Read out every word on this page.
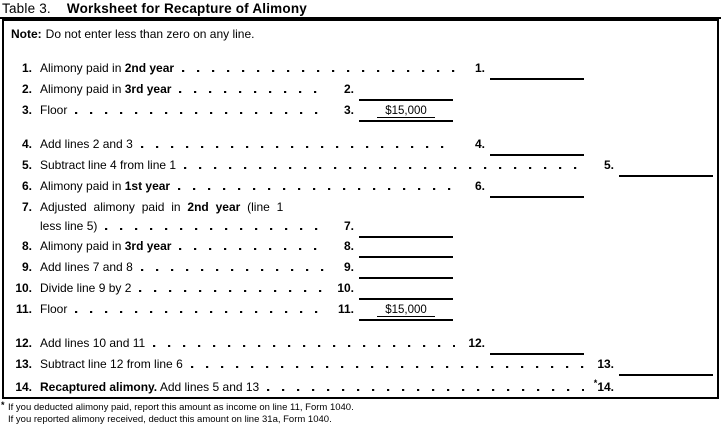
Table 3. Worksheet for Recapture of Alimony
Note: Do not enter less than zero on any line.
1. Alimony paid in 2nd year	1.

2. Alimony paid in 3rd year	2.

3. Floor	3.	$15,000
4. Add lines 2 and 3	4.

5. Subtract line 4 from line 1	5.

6. Alimony paid in 1st year	6.

7. Adjusted alimony paid in 2nd year (line 1
less line 5)	7.

8. Alimony paid in 3rd year	8.

9. Add lines 7 and 8	9.

10. Divide line 9 by 2	10.

11. Floor	11.	$15,000
12. Add lines 10 and 11	12.

13. Subtract line 12 from line 6	13.

14. Recaptured alimony. Add lines 5 and 13	*14.

* If you deducted alimony paid, report this amount as income on line 11, Form 1040.
If you reported alimony received, deduct this amount on line 31a, Form 1040.
